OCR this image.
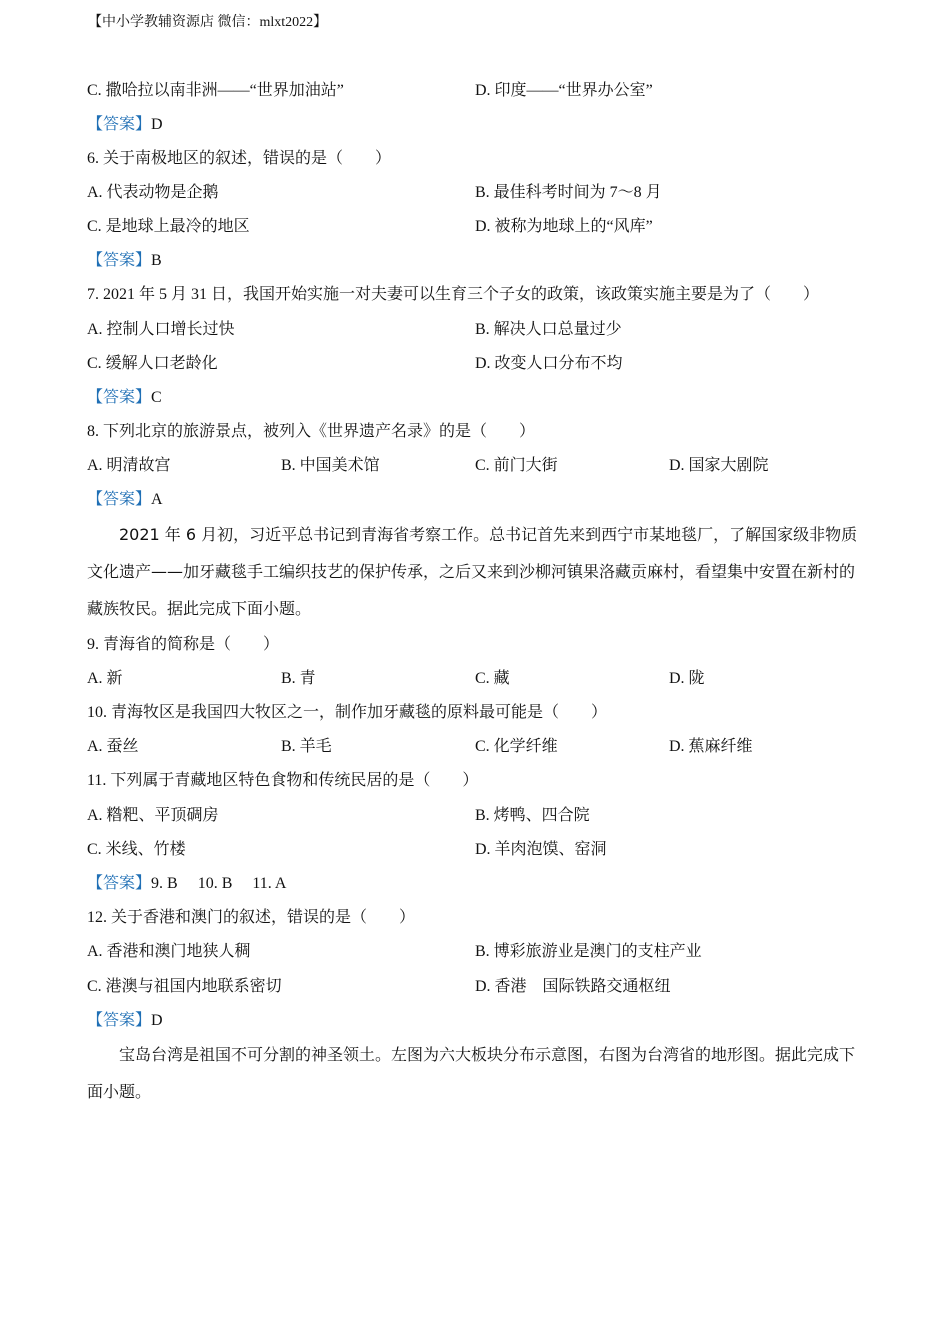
【中小学教辅资源店 微信：mlxt2022】
C. 撒哈拉以南非洲——“世界加油站”	D. 印度——“世界办公室”
【答案】D
6. 关于南极地区的叙述，错误的是（　　）
A. 代表动物是企鹅	B. 最佳科考时间为 7～8 月
C. 是地球上最冷的地区	D. 被称为地球上的“风库”
【答案】B
7. 2021 年 5 月 31 日，我国开始实施一对夫妻可以生育三个子女的政策，该政策实施主要是为了（　　）
A. 控制人口增长过快	B. 解决人口总量过少
C. 缓解人口老龄化	D. 改变人口分布不均
【答案】C
8. 下列北京的旅游景点，被列入《世界遗产名录》的是（　　）
A. 明清故宫	B. 中国美术馆	C. 前门大街	D. 国家大剧院
【答案】A
2021 年 6 月初，习近平总书记到青海省考察工作。总书记首先来到西宁市某地毯厂，了解国家级非物质文化遗产——加牙藏毯手工编织技艺的保护传承，之后又来到沙柳河镇果洛藏贡麻村，看望集中安置在新村的藏族牧民。据此完成下面小题。
9. 青海省的简称是（　　）
A. 新	B. 青	C. 藏	D. 陇
10. 青海牧区是我国四大牧区之一，制作加牙藏毯的原料最可能是（　　）
A. 蚕丝	B. 羊毛	C. 化学纤维	D. 蕉麻纤维
11. 下列属于青藏地区特色食物和传统民居的是（　　）
A. 糌粑、平顶碉房	B. 烤鸭、四合院
C. 米线、竹楼	D. 羊肉泡馍、窑洞
【答案】9. B　 10. B　 11. A
12. 关于香港和澳门的叙述，错误的是（　　）
A. 香港和澳门地狭人稠	B. 博彩旅游业是澳门的支柱产业
C. 港澳与祖国内地联系密切	D. 香港　国际铁路交通枢纽
【答案】D
宝岛台湾是祖国不可分割的神圣领土。左图为六大板块分布示意图，右图为台湾省的地形图。据此完成下面小题。
